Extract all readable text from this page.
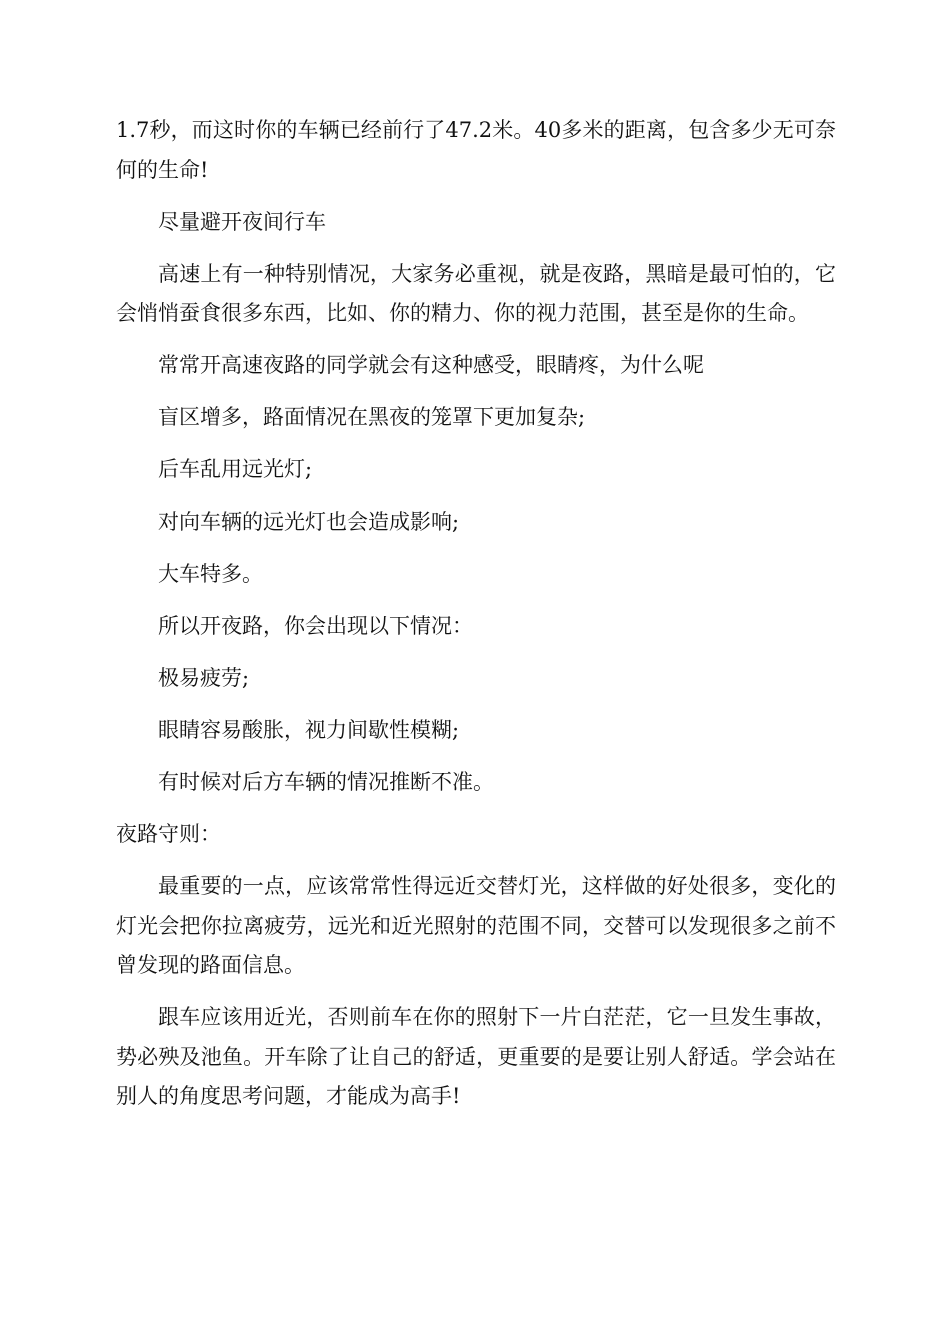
1.7秒，而这时你的车辆已经前行了47.2米。40多米的距离，包含多少无可奈何的生命!

尽量避开夜间行车

高速上有一种特别情况，大家务必重视，就是夜路，黑暗是最可怕的，它会悄悄蚕食很多东西，比如、你的精力、你的视力范围，甚至是你的生命。

常常开高速夜路的同学就会有这种感受，眼睛疼，为什么呢

盲区增多，路面情况在黑夜的笼罩下更加复杂;

后车乱用远光灯;

对向车辆的远光灯也会造成影响;

大车特多。

所以开夜路，你会出现以下情况：

极易疲劳;

眼睛容易酸胀，视力间歇性模糊;

有时候对后方车辆的情况推断不准。

夜路守则：

最重要的一点，应该常常性得远近交替灯光，这样做的好处很多，变化的灯光会把你拉离疲劳，远光和近光照射的范围不同，交替可以发现很多之前不曾发现的路面信息。

跟车应该用近光，否则前车在你的照射下一片白茫茫，它一旦发生事故，势必殃及池鱼。开车除了让自己的舒适，更重要的是要让别人舒适。学会站在别人的角度思考问题，才能成为高手!
